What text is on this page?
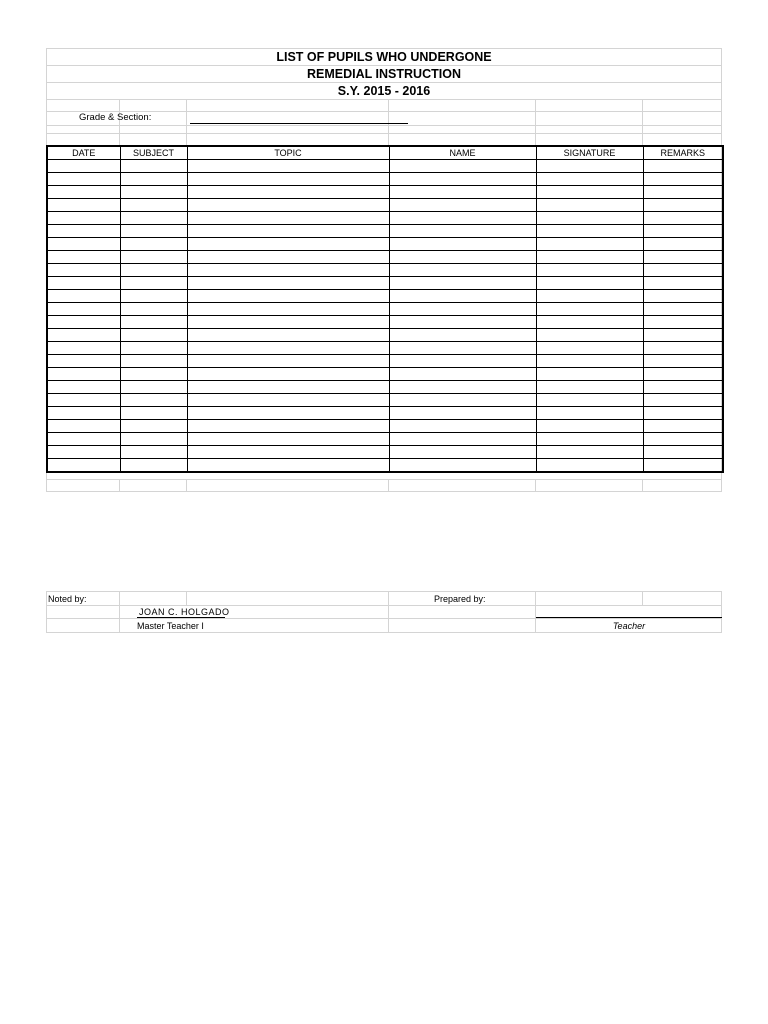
LIST OF PUPILS WHO UNDERGONE
REMEDIAL INSTRUCTION
S.Y. 2015 - 2016
Grade & Section:
DATE	SUBJECT	TOPIC	NAME	SIGNATURE	REMARKS

Noted by:
JOAN C. HOLGADO
Master Teacher I
Prepared by:
Teacher
